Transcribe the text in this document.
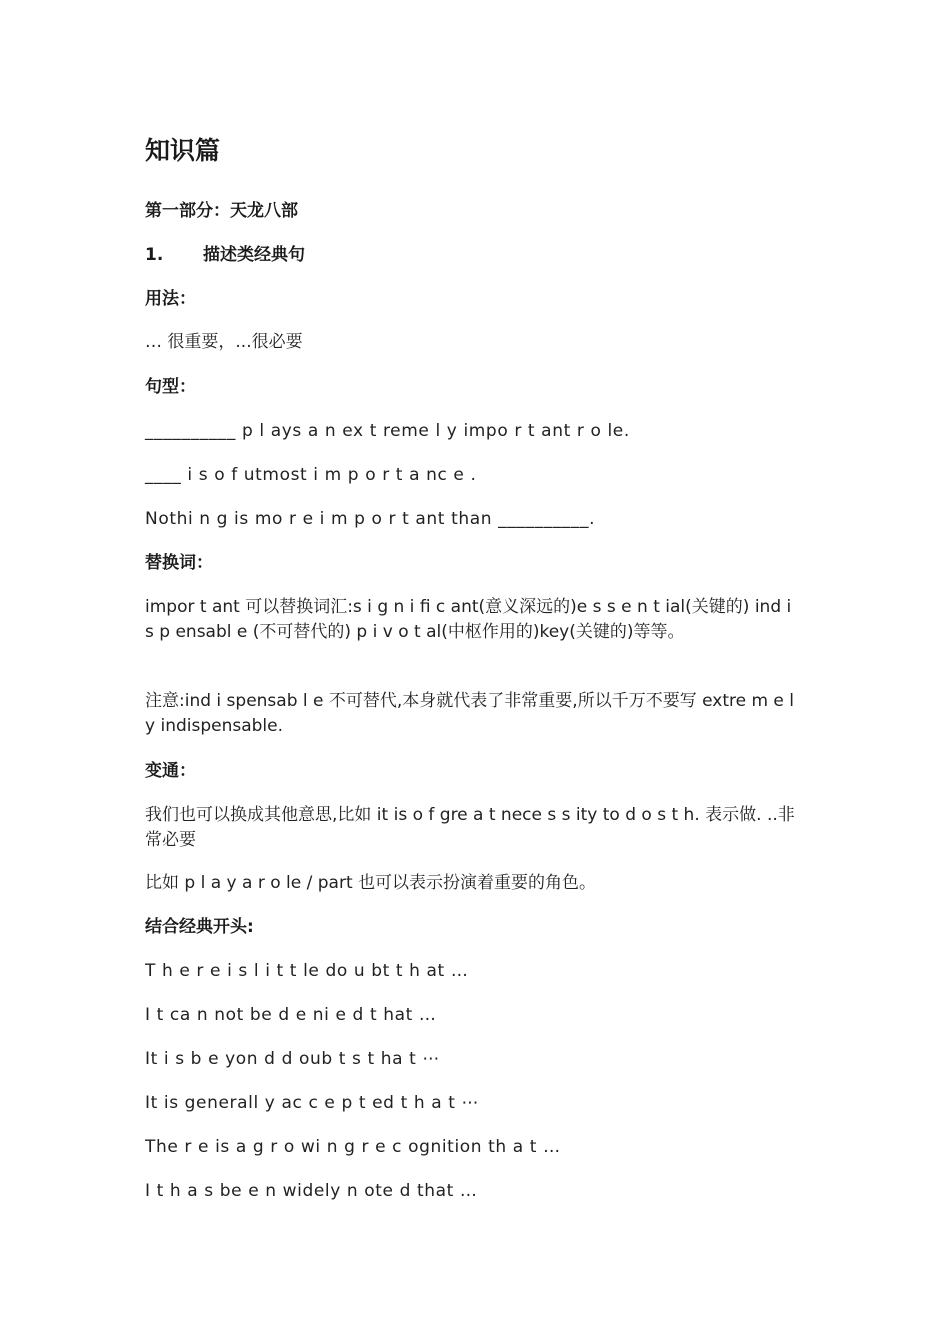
知识篇

第一部分：天龙八部

1. 描述类经典句

用法：

… 很重要，...很必要

句型：

__________ p l ays a n ex t reme l y impo r t ant r o le.

____ i s o f utmost i m p o r t a nc e .

Nothi n g is mo r e i m p o r t ant than __________.

替换词：

impor t ant 可以替换词汇:s i g n i fi c ant(意义深远的)e s s e n t ial(关键的) ind i s p ensabl e (不可替代的) p i v o t al(中枢作用的)key(关键的)等等。

注意:ind i spensab l e 不可替代,本身就代表了非常重要,所以千万不要写 extre m e l y indispensable.

变通：

我们也可以换成其他意思,比如 it is o f gre a t nece s s ity to d o s t h. 表示做. ..非常必要

比如 p l a y a r o le / part 也可以表示扮演着重要的角色。

结合经典开头:

T h e r e i s l i t t le do u bt t h at …

I t ca n not be d e ni e d t hat …

It i s b e yon d d oub t s t ha t ⋯

It is generall y ac c e p t ed t h a t ⋯

The r e is a g r o wi n g r e c ognition th a t …

I t h a s be e n widely n ote d that …
